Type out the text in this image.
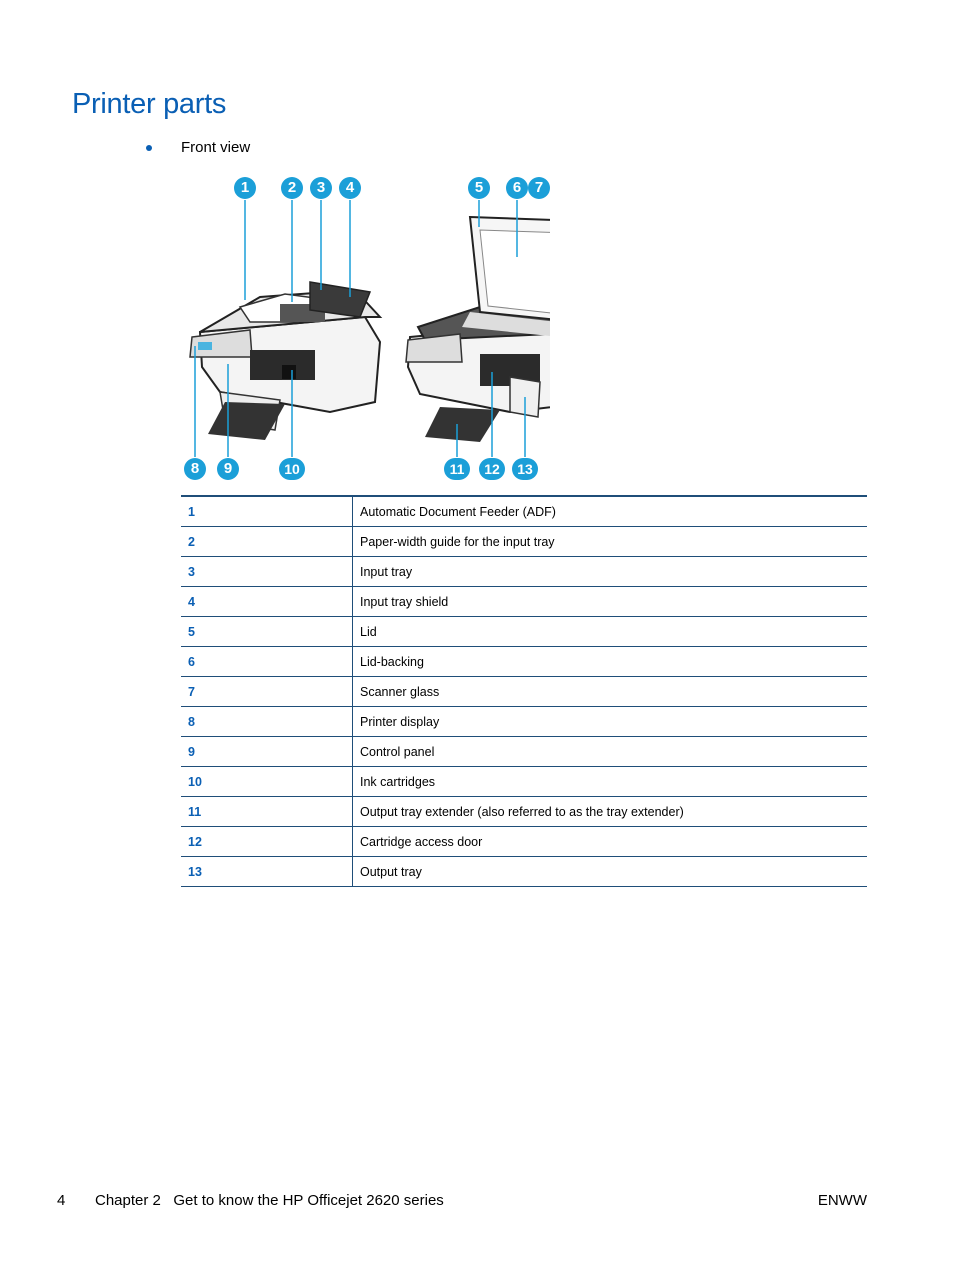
Printer parts
Front view
1	2	3	4	5	6 7
8	9	10	11	12	13
1	Automatic Document Feeder (ADF)
2	Paper-width guide for the input tray
3	Input tray
4	Input tray shield
5	Lid
6	Lid-backing
7	Scanner glass
8	Printer display
9	Control panel
10	Ink cartridges
11	Output tray extender (also referred to as the tray extender)
12	Cartridge access door
13	Output tray
4 Chapter 2   Get to know the HP Officejet 2620 series	ENWW
